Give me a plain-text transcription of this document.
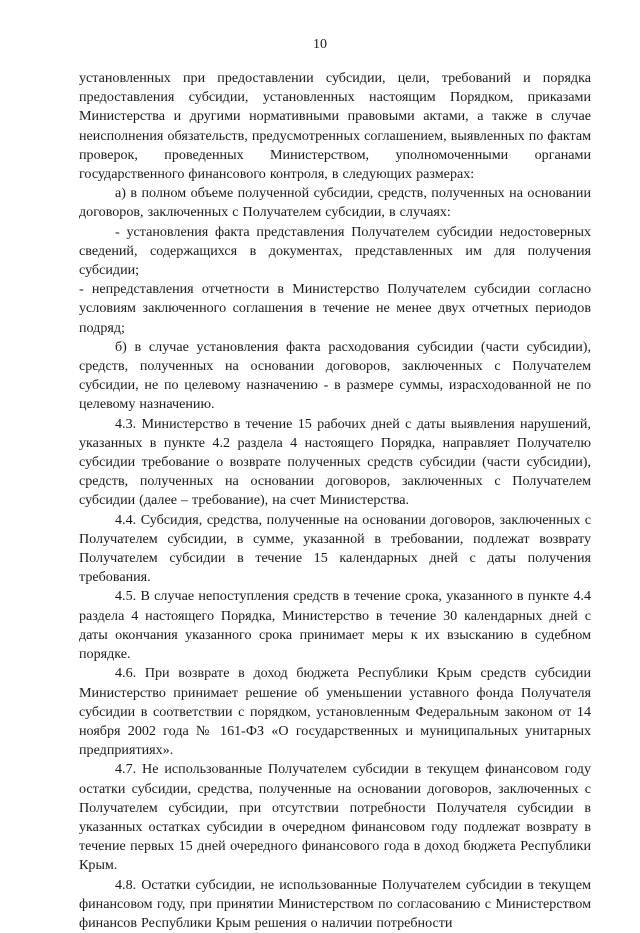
10

установленных при предоставлении субсидии, цели, требований и порядка предоставления субсидии, установленных настоящим Порядком, приказами Министерства и другими нормативными правовыми актами, а также в случае неисполнения обязательств, предусмотренных соглашением, выявленных по фактам проверок, проведенных Министерством, уполномоченными органами государственного финансового контроля, в следующих размерах:

а) в полном объеме полученной субсидии, средств, полученных на основании договоров, заключенных с Получателем субсидии, в случаях:

- установления факта представления Получателем субсидии недостоверных сведений, содержащихся в документах, представленных им для получения субсидии;

- непредставления отчетности в Министерство Получателем субсидии согласно условиям заключенного соглашения в течение не менее двух отчетных периодов подряд;

б) в случае установления факта расходования субсидии (части субсидии), средств, полученных на основании договоров, заключенных с Получателем субсидии, не по целевому назначению - в размере суммы, израсходованной не по целевому назначению.

4.3. Министерство в течение 15 рабочих дней с даты выявления нарушений, указанных в пункте 4.2 раздела 4 настоящего Порядка, направляет Получателю субсидии требование о возврате полученных средств субсидии (части субсидии), средств, полученных на основании договоров, заключенных с Получателем субсидии (далее – требование), на счет Министерства.

4.4. Субсидия, средства, полученные на основании договоров, заключенных с Получателем субсидии, в сумме, указанной в требовании, подлежат возврату Получателем субсидии в течение 15 календарных дней с даты получения требования.

4.5. В случае непоступления средств в течение срока, указанного в пункте 4.4 раздела 4 настоящего Порядка, Министерство в течение 30 календарных дней с даты окончания указанного срока принимает меры к их взысканию в судебном порядке.

4.6. При возврате в доход бюджета Республики Крым средств субсидии Министерство принимает решение об уменьшении уставного фонда Получателя субсидии в соответствии с порядком, установленным Федеральным законом от 14 ноября 2002 года № 161-ФЗ «О государственных и муниципальных унитарных предприятиях».

4.7. Не использованные Получателем субсидии в текущем финансовом году остатки субсидии, средства, полученные на основании договоров, заключенных с Получателем субсидии, при отсутствии потребности Получателя субсидии в указанных остатках субсидии в очередном финансовом году подлежат возврату в течение первых 15 дней очередного финансового года в доход бюджета Республики Крым.

4.8. Остатки субсидии, не использованные Получателем субсидии в текущем финансовом году, при принятии Министерством по согласованию с Министерством финансов Республики Крым решения о наличии потребности
